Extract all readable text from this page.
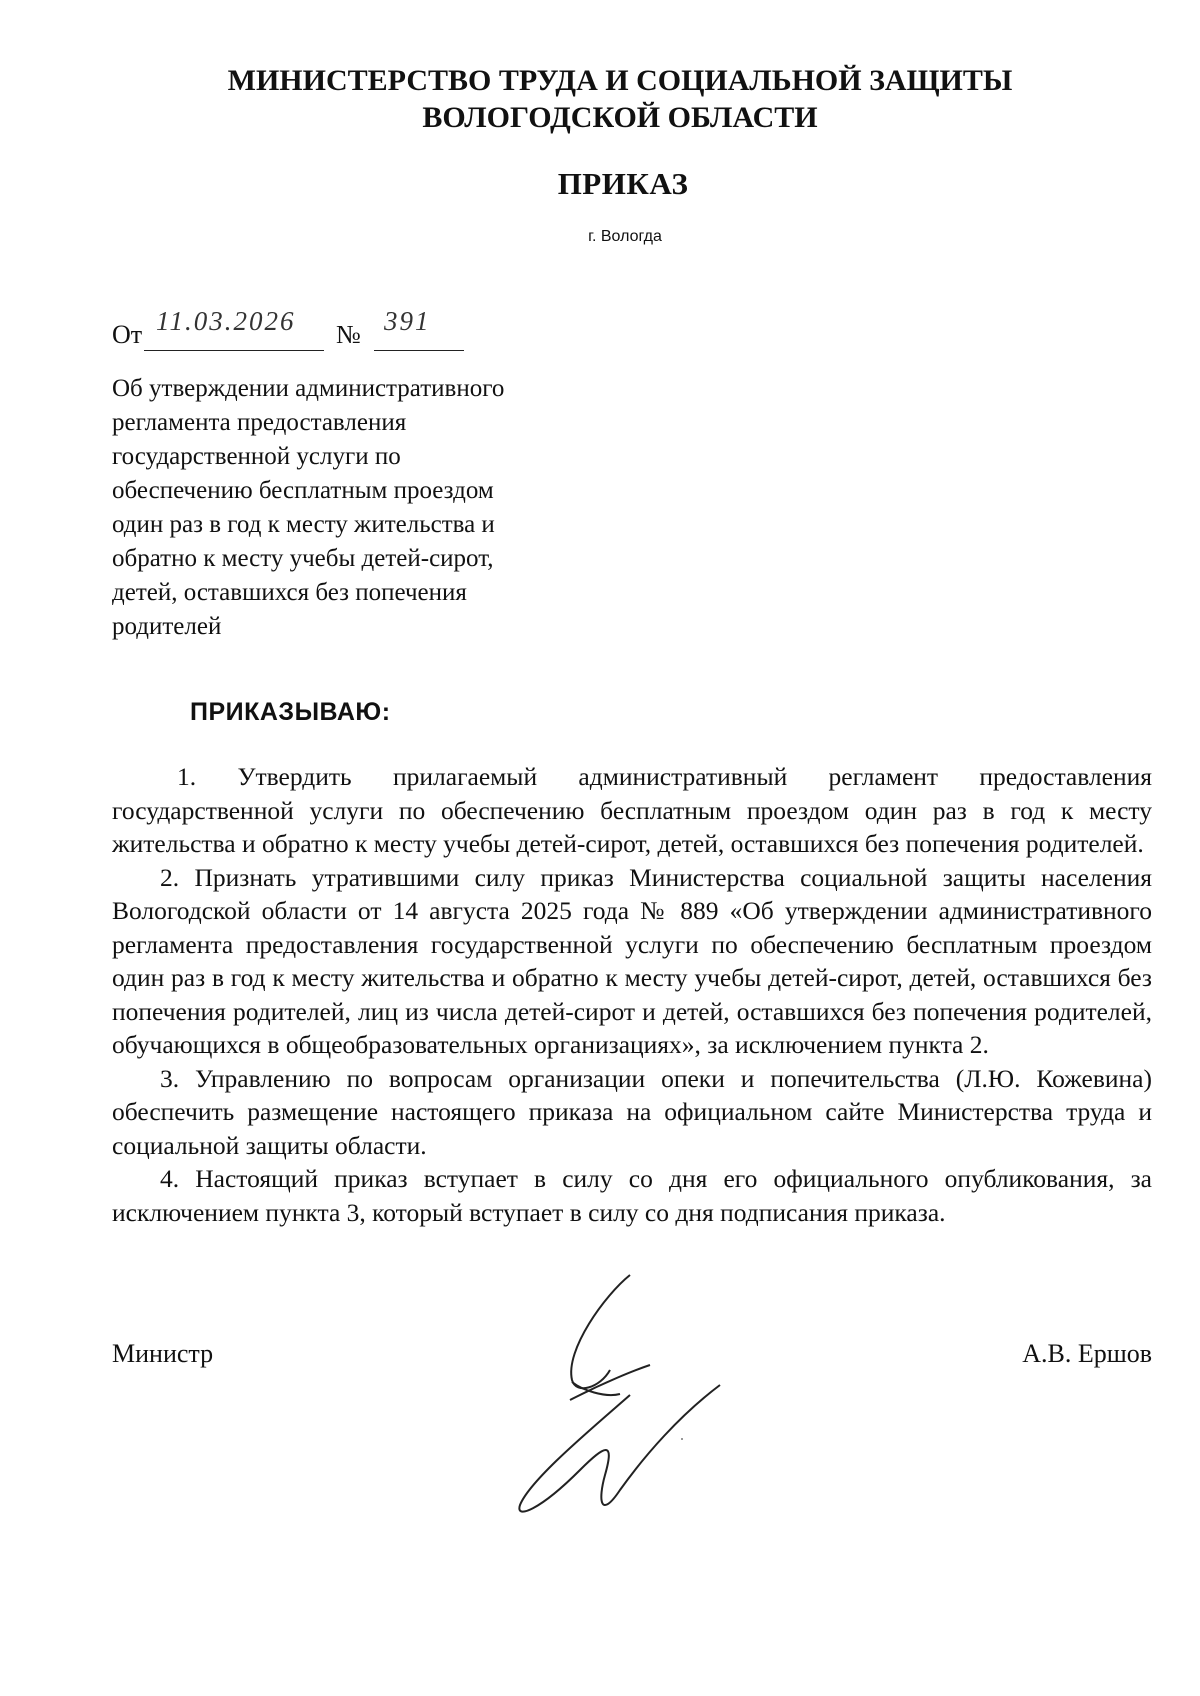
МИНИСТЕРСТВО ТРУДА И СОЦИАЛЬНОЙ ЗАЩИТЫ
ВОЛОГОДСКОЙ ОБЛАСТИ
ПРИКАЗ
г. Вологда
От 11.03.2026 № 391
Об утверждении административного
регламента предоставления
государственной услуги по
обеспечению бесплатным проездом
один раз в год к месту жительства и
обратно к месту учебы детей-сирот,
детей, оставшихся без попечения
родителей
ПРИКАЗЫВАЮ:

1. Утвердить прилагаемый административный регламент предоставления государственной услуги по обеспечению бесплатным проездом один раз в год к месту жительства и обратно к месту учебы детей-сирот, детей, оставшихся без попечения родителей.

2. Признать утратившими силу приказ Министерства социальной защиты населения Вологодской области от 14 августа 2025 года № 889 «Об утверждении административного регламента предоставления государственной услуги по обеспечению бесплатным проездом один раз в год к месту жительства и обратно к месту учебы детей-сирот, детей, оставшихся без попечения родителей, лиц из числа детей-сирот и детей, оставшихся без попечения родителей, обучающихся в общеобразовательных организациях», за исключением пункта 2.

3. Управлению по вопросам организации опеки и попечительства (Л.Ю. Кожевина) обеспечить размещение настоящего приказа на официальном сайте Министерства труда и социальной защиты области.

4. Настоящий приказ вступает в силу со дня его официального опубликования, за исключением пункта 3, который вступает в силу со дня подписания приказа.

Министр	А.В. Ершов
